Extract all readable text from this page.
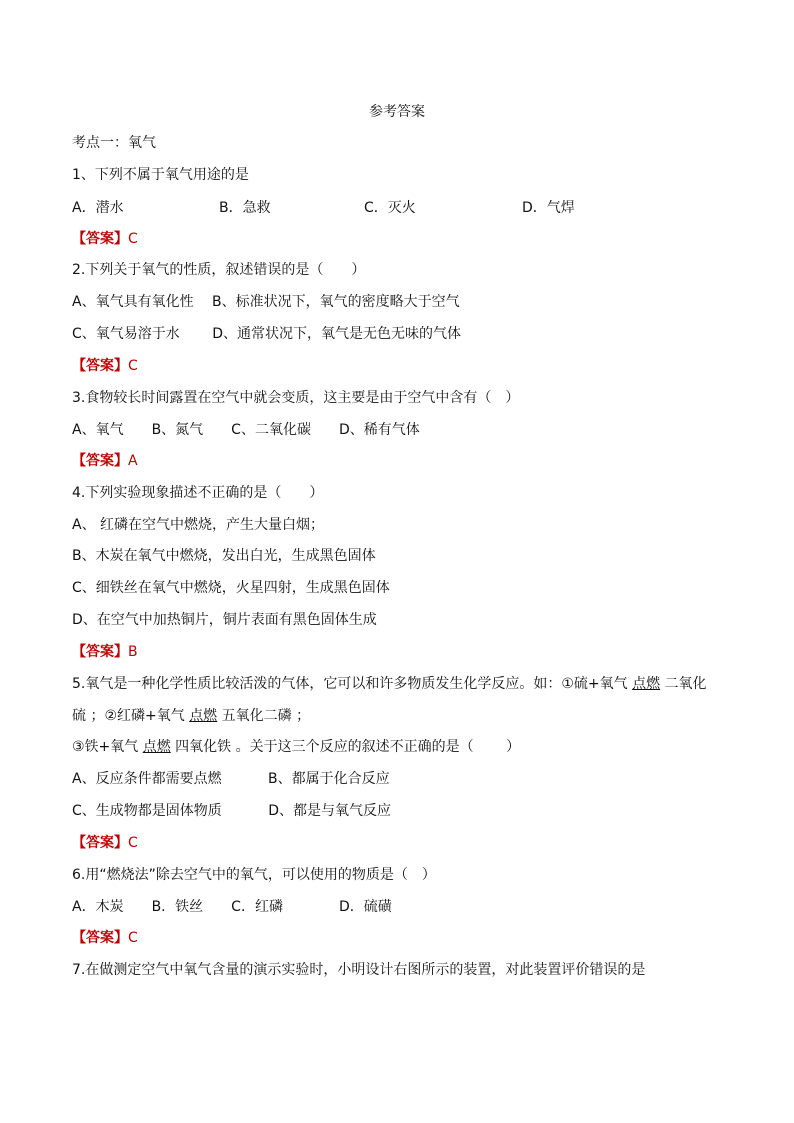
参考答案
考点一：氧气
1、下列不属于氧气用途的是
A．潜水	B．急救	C．灭火	D．气焊
【答案】C
2.下列关于氧气的性质，叙述错误的是（　　）
A、氧气具有氧化性　 B、标准状况下，氧气的密度略大于空气
C、氧气易溶于水　　 D、通常状况下，氧气是无色无味的气体
【答案】C
3.食物较长时间露置在空气中就会变质，这主要是由于空气中含有（　）
A、氧气　　B、氮气　　C、二氧化碳　　D、稀有气体
【答案】A
4.下列实验现象描述不正确的是（　　）
A、 红磷在空气中燃烧，产生大量白烟；
B、木炭在氧气中燃烧，发出白光，生成黑色固体
C、细铁丝在氧气中燃烧，火星四射，生成黑色固体
D、在空气中加热铜片，铜片表面有黑色固体生成
【答案】B
5.氧气是一种化学性质比较活泼的气体，它可以和许多物质发生化学反应。如：①硫+氧气 点燃 二氧化
硫 ；②红磷+氧气 点燃 五氧化二磷 ；
③铁+氧气 点燃 四氧化铁 。关于这三个反应的叙述不正确的是（　　 ）
A、反应条件都需要点燃　　　 B、都属于化合反应
C、生成物都是固体物质　　　 D、都是与氧气反应
【答案】C
6.用“燃烧法”除去空气中的氧气，可以使用的物质是（　）
A．木炭　　B．铁丝　　C．红磷　　　　D．硫磺
【答案】C
7.在做测定空气中氧气含量的演示实验时，小明设计右图所示的装置，对此装置评价错误的是
